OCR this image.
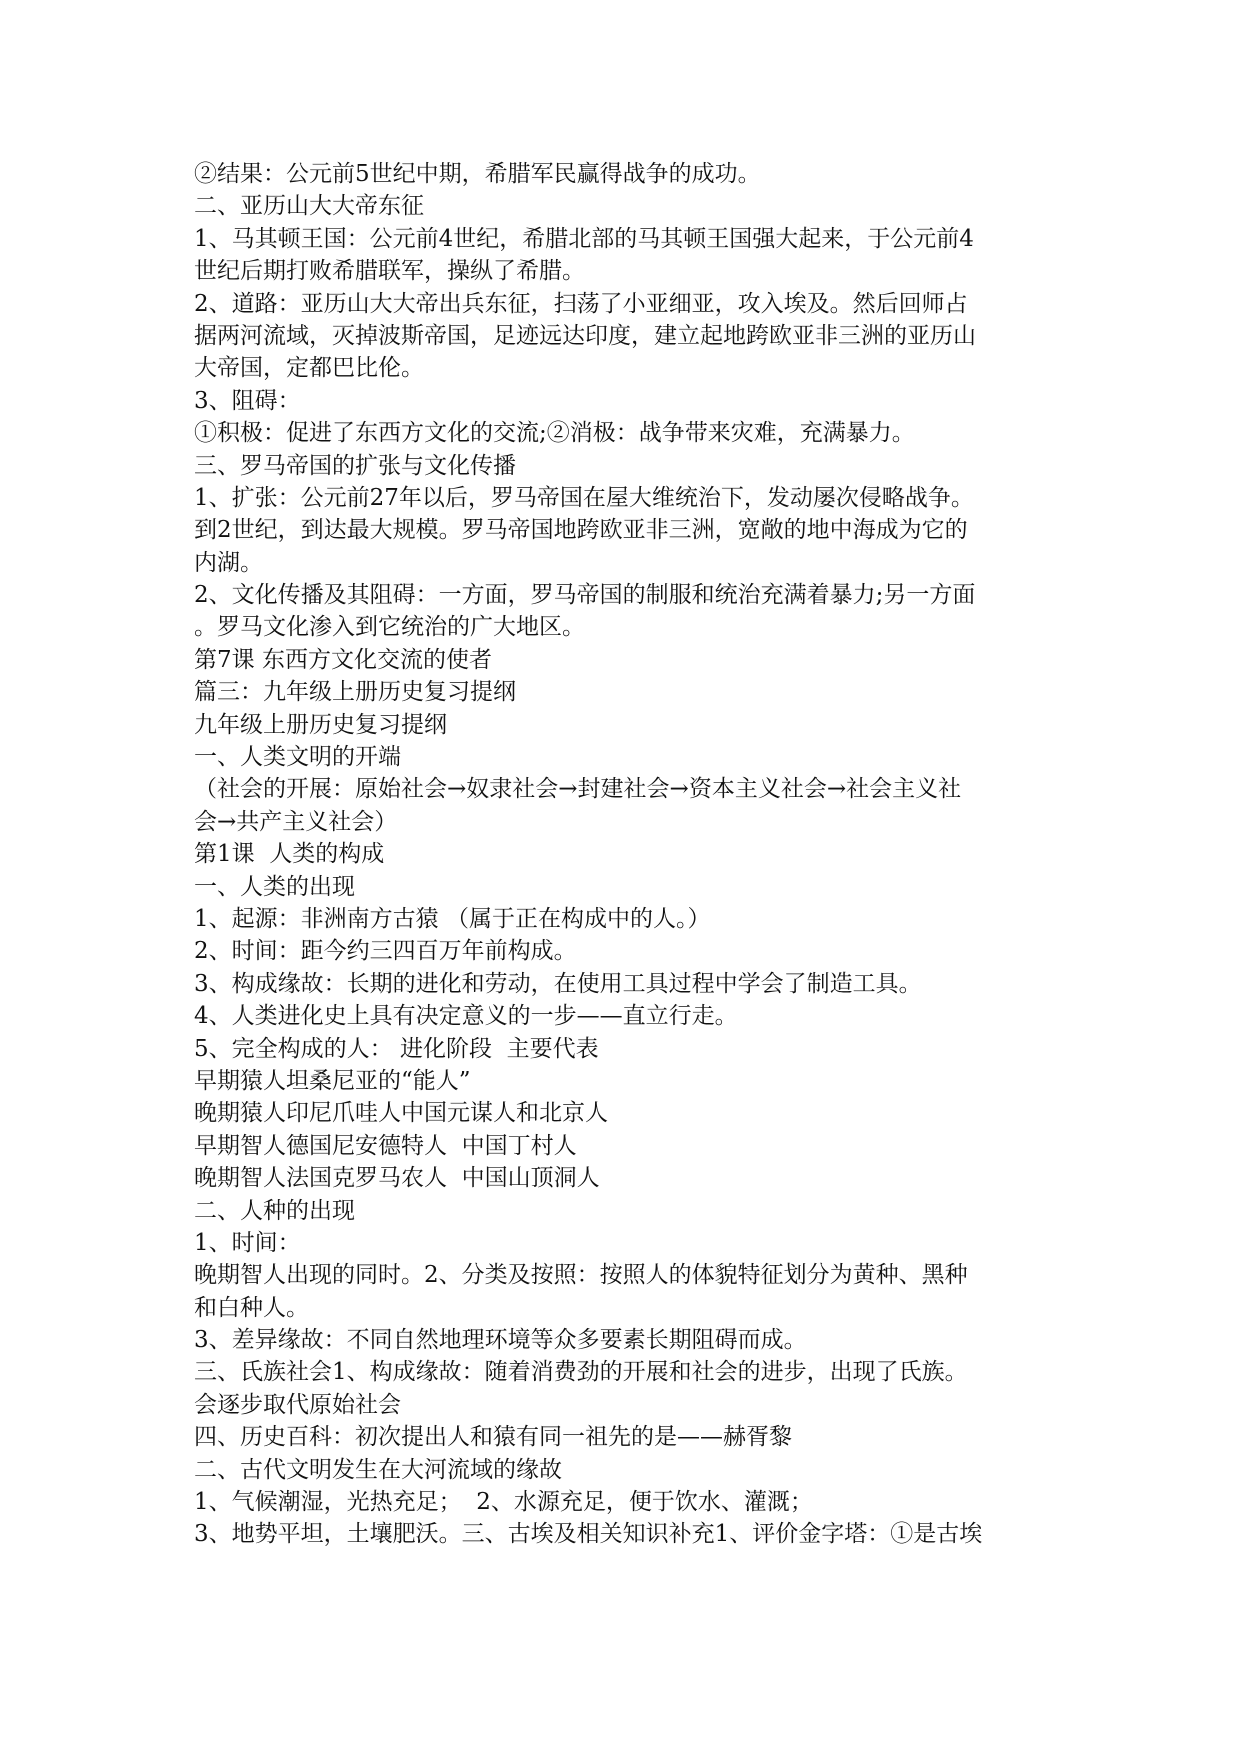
②结果：公元前5世纪中期，希腊军民赢得战争的成功。
二、亚历山大大帝东征
1、马其顿王国：公元前4世纪，希腊北部的马其顿王国强大起来，于公元前4
世纪后期打败希腊联军，操纵了希腊。
2、道路：亚历山大大帝出兵东征，扫荡了小亚细亚，攻入埃及。然后回师占
据两河流域，灭掉波斯帝国，足迹远达印度，建立起地跨欧亚非三洲的亚历山
大帝国，定都巴比伦。
3、阻碍：
①积极：促进了东西方文化的交流;②消极：战争带来灾难，充满暴力。
三、罗马帝国的扩张与文化传播
1、扩张：公元前27年以后，罗马帝国在屋大维统治下，发动屡次侵略战争。
到2世纪，到达最大规模。罗马帝国地跨欧亚非三洲，宽敞的地中海成为它的
内湖。
2、文化传播及其阻碍：一方面，罗马帝国的制服和统治充满着暴力;另一方面
。罗马文化渗入到它统治的广大地区。
第7课 东西方文化交流的使者
篇三：九年级上册历史复习提纲
九年级上册历史复习提纲
一、人类文明的开端
（社会的开展：原始社会→奴隶社会→封建社会→资本主义社会→社会主义社
会→共产主义社会）
第1课  人类的构成
一、人类的出现
1、起源：非洲南方古猿 （属于正在构成中的人。）
2、时间：距今约三四百万年前构成。
3、构成缘故：长期的进化和劳动，在使用工具过程中学会了制造工具。
4、人类进化史上具有决定意义的一步——直立行走。
5、完全构成的人： 进化阶段  主要代表
早期猿人坦桑尼亚的“能人”
晚期猿人印尼爪哇人中国元谋人和北京人
早期智人德国尼安德特人  中国丁村人
晚期智人法国克罗马农人  中国山顶洞人
二、人种的出现
1、时间：
晚期智人出现的同时。2、分类及按照：按照人的体貌特征划分为黄种、黑种
和白种人。
3、差异缘故：不同自然地理环境等众多要素长期阻碍而成。
三、氏族社会1、构成缘故：随着消费劲的开展和社会的进步，出现了氏族。
会逐步取代原始社会
四、历史百科：初次提出人和猿有同一祖先的是——赫胥黎
二、古代文明发生在大河流域的缘故
1、气候潮湿，光热充足；  2、水源充足，便于饮水、灌溉；
3、地势平坦，土壤肥沃。三、古埃及相关知识补充1、评价金字塔：①是古埃
